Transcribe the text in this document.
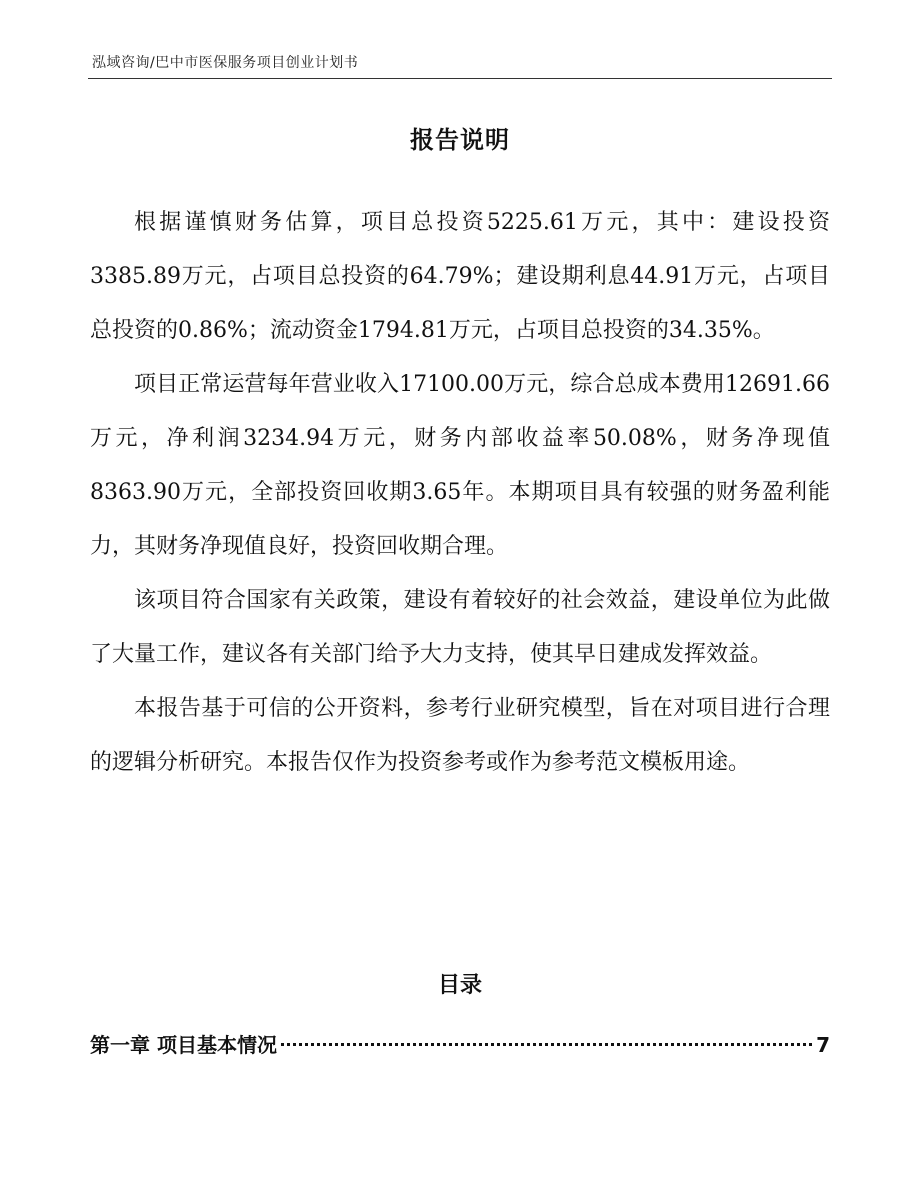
泓域咨询/巴中市医保服务项目创业计划书
报告说明

根据谨慎财务估算，项目总投资5225.61万元，其中：建设投资3385.89万元，占项目总投资的64.79%；建设期利息44.91万元，占项目总投资的0.86%；流动资金1794.81万元，占项目总投资的34.35%。

项目正常运营每年营业收入17100.00万元，综合总成本费用12691.66万元，净利润3234.94万元，财务内部收益率50.08%，财务净现值8363.90万元，全部投资回收期3.65年。本期项目具有较强的财务盈利能力，其财务净现值良好，投资回收期合理。

该项目符合国家有关政策，建设有着较好的社会效益，建设单位为此做了大量工作，建议各有关部门给予大力支持，使其早日建成发挥效益。

本报告基于可信的公开资料，参考行业研究模型，旨在对项目进行合理的逻辑分析研究。本报告仅作为投资参考或作为参考范文模板用途。

目录
第一章 项目基本情况	7
